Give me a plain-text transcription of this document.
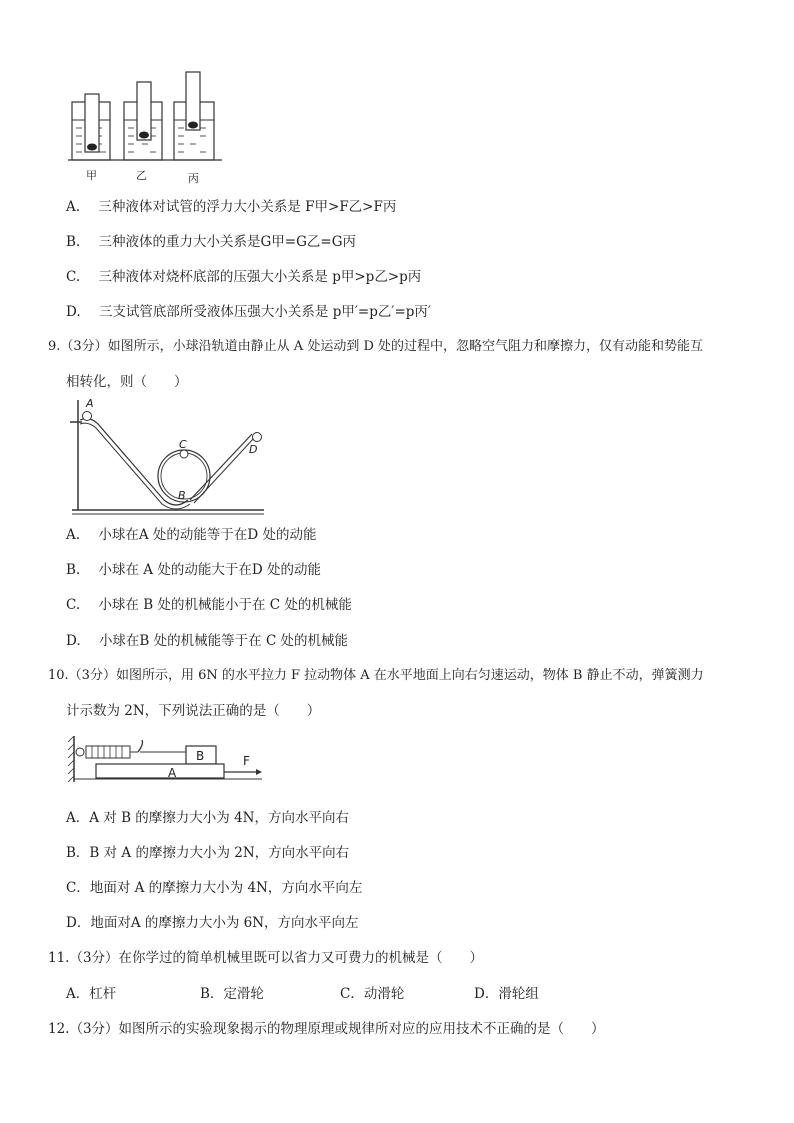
甲	乙	丙
A. 三种液体对试管的浮力大小关系是 F甲>F乙>F丙
B. 三种液体的重力大小关系是G甲=G乙=G丙
C. 三种液体对烧杯底部的压强大小关系是 p甲>p乙>p丙
D. 三支试管底部所受液体压强大小关系是 p甲′=p乙′=p丙′
9.（3分）如图所示，小球沿轨道由静止从 A 处运动到 D 处的过程中，忽略空气阻力和摩擦力，仅有动能和势能互
相转化，则（　　）
A
C	D
B
A. 小球在A 处的动能等于在D 处的动能
B. 小球在 A 处的动能大于在D 处的动能
C. 小球在 B 处的机械能小于在 C 处的机械能
D. 小球在B 处的机械能等于在 C 处的机械能
10.（3分）如图所示，用 6N 的水平拉力 F 拉动物体 A 在水平地面上向右匀速运动，物体 B 静止不动，弹簧测力
计示数为 2N，下列说法正确的是（　　）
B
A
F
A．A 对 B 的摩擦力大小为 4N，方向水平向右
B．B 对 A 的摩擦力大小为 2N，方向水平向右
C．地面对 A 的摩擦力大小为 4N，方向水平向左
D．地面对A 的摩擦力大小为 6N，方向水平向左
11.（3分）在你学过的简单机械里既可以省力又可费力的机械是（　　）
A．杠杆	B．定滑轮	C．动滑轮	D．滑轮组
12.（3分）如图所示的实验现象揭示的物理原理或规律所对应的应用技术不正确的是（　　）
